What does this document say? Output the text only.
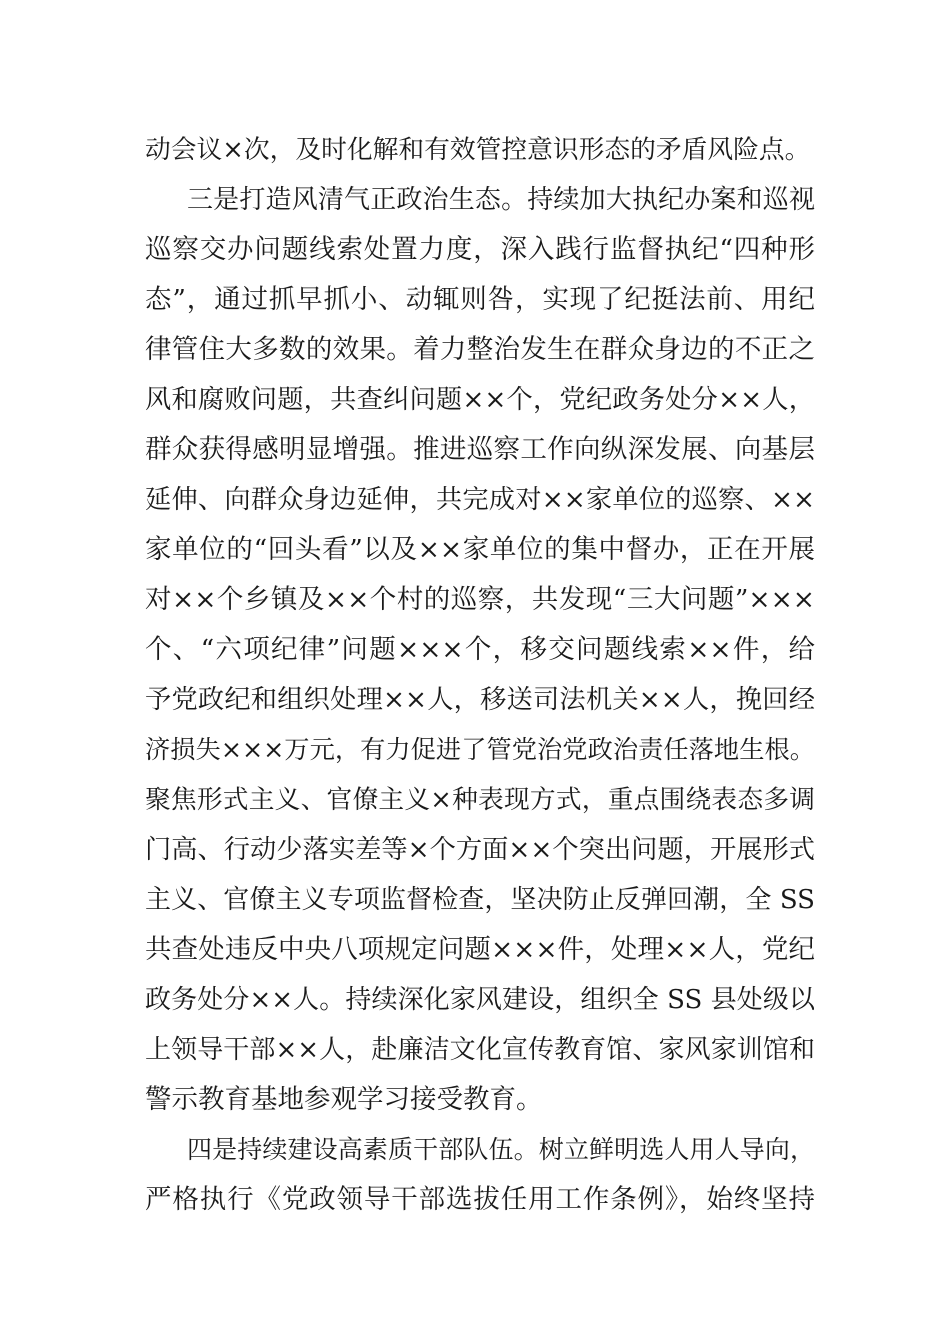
动会议×次，及时化解和有效管控意识形态的矛盾风险点。
三是打造风清气正政治生态。持续加大执纪办案和巡视
巡察交办问题线索处置力度，深入践行监督执纪“四种形
态”，通过抓早抓小、动辄则咎，实现了纪挺法前、用纪
律管住大多数的效果。着力整治发生在群众身边的不正之
风和腐败问题，共查纠问题××个，党纪政务处分××人，
群众获得感明显增强。推进巡察工作向纵深发展、向基层
延伸、向群众身边延伸，共完成对××家单位的巡察、××
家单位的“回头看”以及××家单位的集中督办，正在开展
对××个乡镇及××个村的巡察，共发现“三大问题”×××
个、“六项纪律”问题×××个，移交问题线索××件，给
予党政纪和组织处理××人，移送司法机关××人，挽回经
济损失×××万元，有力促进了管党治党政治责任落地生根。
聚焦形式主义、官僚主义×种表现方式，重点围绕表态多调
门高、行动少落实差等×个方面××个突出问题，开展形式
主义、官僚主义专项监督检查，坚决防止反弹回潮，全 SS
共查处违反中央八项规定问题×××件，处理××人，党纪
政务处分××人。持续深化家风建设，组织全 SS 县处级以
上领导干部××人，赴廉洁文化宣传教育馆、家风家训馆和
警示教育基地参观学习接受教育。
四是持续建设高素质干部队伍。树立鲜明选人用人导向，
严格执行《党政领导干部选拔任用工作条例》，始终坚持
